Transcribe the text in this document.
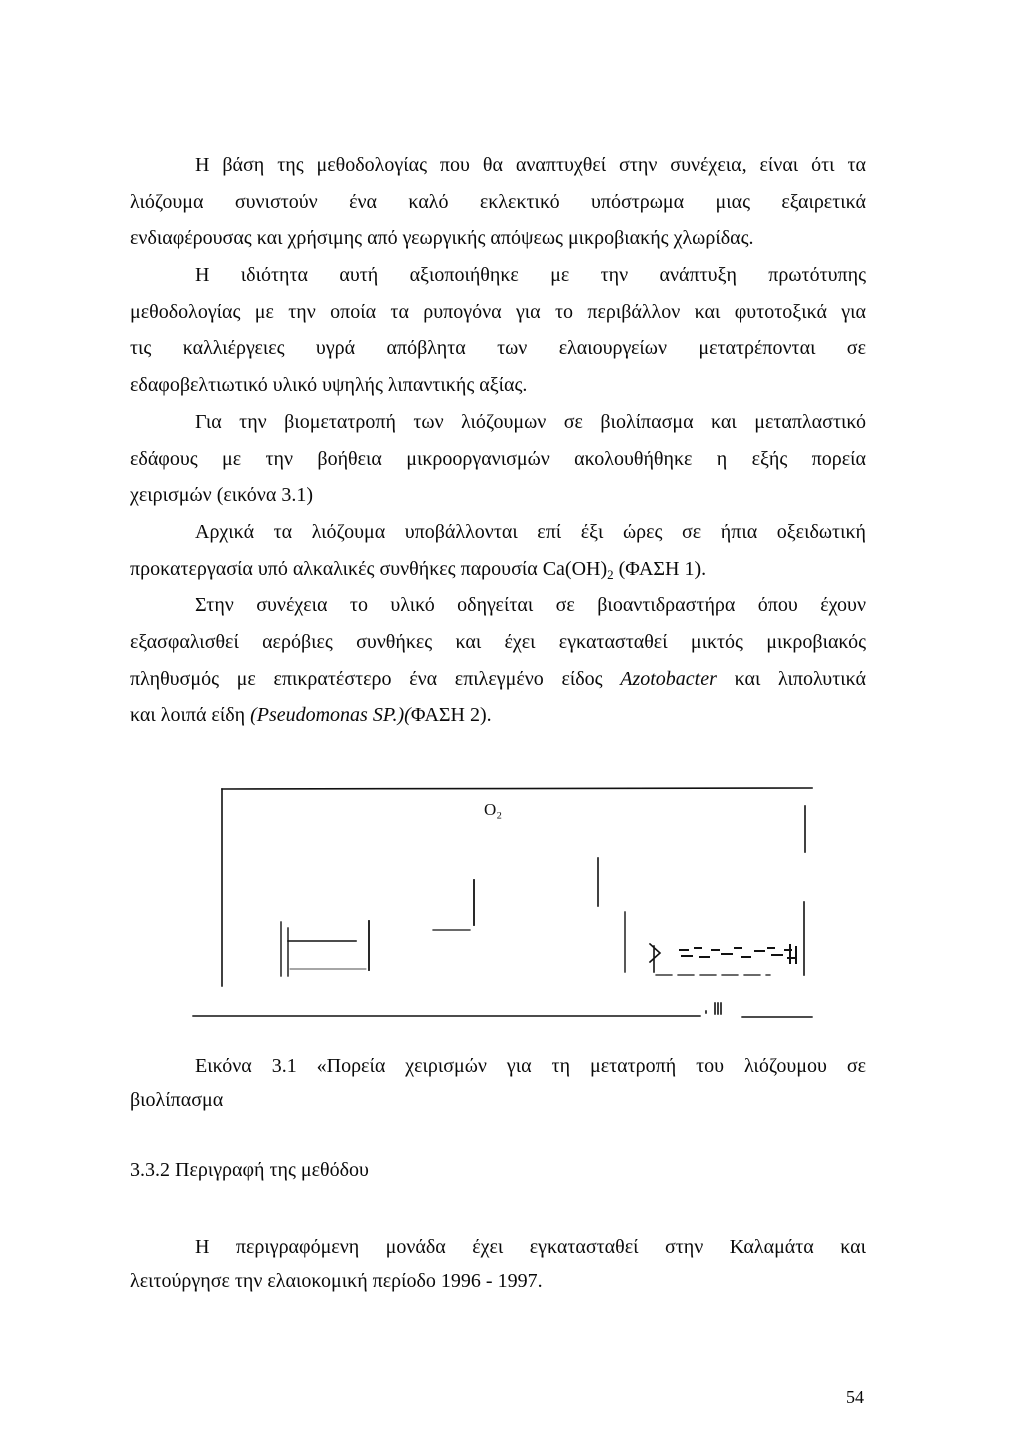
Η βάση της μεθοδολογίας που θα αναπτυχθεί στην συνέχεια, είναι ότι τα
λιόζουμα συνιστούν ένα καλό εκλεκτικό υπόστρωμα μιας εξαιρετικά
ενδιαφέρουσας και χρήσιμης από γεωργικής απόψεως μικροβιακής χλωρίδας.
Η ιδιότητα αυτή αξιοποιήθηκε με την ανάπτυξη πρωτότυπης
μεθοδολογίας με την οποία τα ρυπογόνα για το περιβάλλον και φυτοτοξικά για
τις καλλιέργειες υγρά απόβλητα των ελαιουργείων μετατρέπονται σε
εδαφοβελτιωτικό υλικό υψηλής λιπαντικής αξίας.
Για την βιομετατροπή των λιόζουμων σε βιολίπασμα και μεταπλαστικό
εδάφους με την βοήθεια μικροοργανισμών ακολουθήθηκε η εξής πορεία
χειρισμών (εικόνα 3.1)
Αρχικά τα λιόζουμα υποβάλλονται επί έξι ώρες σε ήπια οξειδωτική
προκατεργασία υπό αλκαλικές συνθήκες παρουσία $Ca(OH)_2$ (ΦΑΣΗ 1).
Στην συνέχεια το υλικό οδηγείται σε βιοαντιδραστήρα όπου έχουν
εξασφαλισθεί αερόβιες συνθήκες και έχει εγκατασταθεί μικτός μικροβιακός
πληθυσμός με επικρατέστερο ένα επιλεγμένο είδος Azotobacter και λιπολυτικά
και λοιπά είδη (Pseudomonas SP.)(ΦΑΣΗ 2).
O₂
Εικόνα 3.1 «Πορεία χειρισμών για τη μετατροπή του λιόζουμου σε
βιολίπασμα
3.3.2 Περιγραφή της μεθόδου
Η περιγραφόμενη μονάδα έχει εγκατασταθεί στην Καλαμάτα και
λειτούργησε την ελαιοκομική περίοδο 1996 - 1997.
54
